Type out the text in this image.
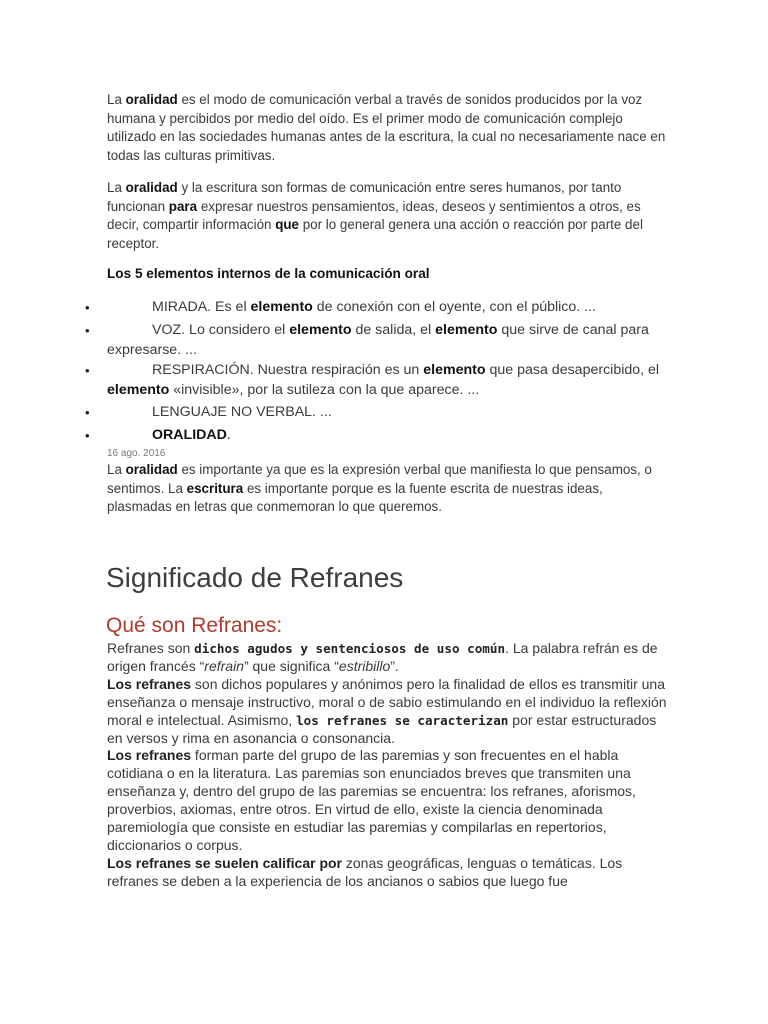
La oralidad es el modo de comunicación verbal a través de sonidos producidos por la voz humana y percibidos por medio del oído. Es el primer modo de comunicación complejo utilizado en las sociedades humanas antes de la escritura, la cual no necesariamente nace en todas las culturas primitivas.

La oralidad y la escritura son formas de comunicación entre seres humanos, por tanto funcionan para expresar nuestros pensamientos, ideas, deseos y sentimientos a otros, es decir, compartir información que por lo general genera una acción o reacción por parte del receptor.

Los 5 elementos internos de la comunicación oral

•	MIRADA. Es el elemento de conexión con el oyente, con el público. ...
•	VOZ. Lo considero el elemento de salida, el elemento que sirve de canal para expresarse. ...
•	RESPIRACIÓN. Nuestra respiración es un elemento que pasa desapercibido, el elemento «invisible», por la sutileza con la que aparece. ...
•	LENGUAJE NO VERBAL. ...
•	ORALIDAD.
16 ago. 2016

La oralidad es importante ya que es la expresión verbal que manifiesta lo que pensamos, o sentimos. La escritura es importante porque es la fuente escrita de nuestras ideas, plasmadas en letras que conmemoran lo que queremos.

Significado de Refranes
Qué son Refranes:

Refranes son dichos agudos y sentenciosos de uso común. La palabra refrán es de origen francés “refrain” que significa “estribillo”.
Los refranes son dichos populares y anónimos pero la finalidad de ellos es transmitir una enseñanza o mensaje instructivo, moral o de sabio estimulando en el individuo la reflexión moral e intelectual. Asimismo, los refranes se caracterizan por estar estructurados en versos y rima en asonancia o consonancia.
Los refranes forman parte del grupo de las paremias y son frecuentes en el habla cotidiana o en la literatura. Las paremias son enunciados breves que transmiten una enseñanza y, dentro del grupo de las paremias se encuentra: los refranes, aforismos, proverbios, axiomas, entre otros. En virtud de ello, existe la ciencia denominada paremiología que consiste en estudiar las paremias y compilarlas en repertorios, diccionarios o corpus.
Los refranes se suelen calificar por zonas geográficas, lenguas o temáticas. Los refranes se deben a la experiencia de los ancianos o sabios que luego fue
